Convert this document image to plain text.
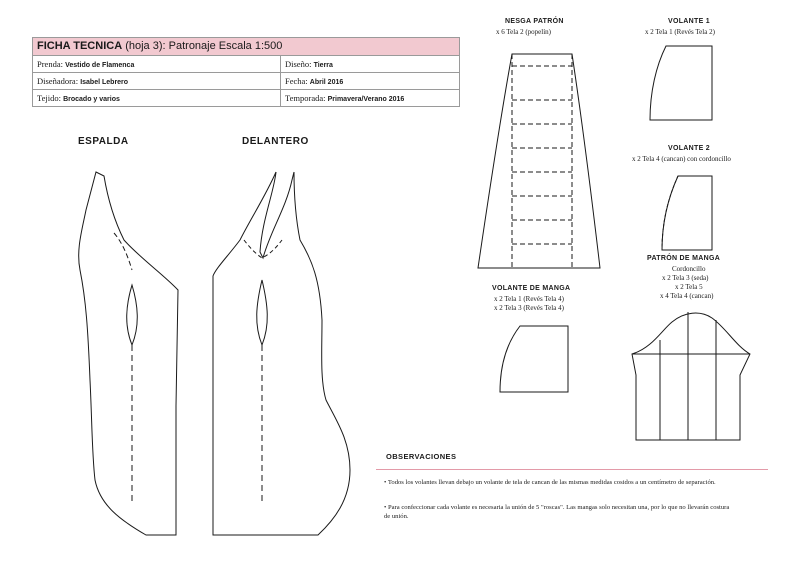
FICHA TECNICA (hoja 3): Patronaje Escala 1:500
Prenda: Vestido de Flamenca	Diseño: Tierra
Diseñadora: Isabel Lebrero	Fecha: Abril 2016
Tejido: Brocado y varios	Temporada: Primavera/Verano 2016
ESPALDA	DELANTERO
NESGA PATRÓN
x 6 Tela 2 (popelín)
VOLANTE 1
x 2 Tela 1 (Revés Tela 2)
VOLANTE 2
x 2 Tela 4 (cancan) con cordoncillo
PATRÓN DE MANGA
Cordoncillo
x 2 Tela 3 (seda)
x 2 Tela 5
x 4 Tela 4 (cancan)
VOLANTE DE MANGA
x 2 Tela 1 (Revés Tela 4)
x 2 Tela 3 (Revés Tela 4)
OBSERVACIONES
• Todos los volantes llevan debajo un volante de tela de cancan de las mismas medidas cosidos a un centímetro de separación.
• Para confeccionar cada volante es necesaria la unión de 5 "roscas". Las mangas solo necesitan una, por lo que no llevarán costura de unión.
